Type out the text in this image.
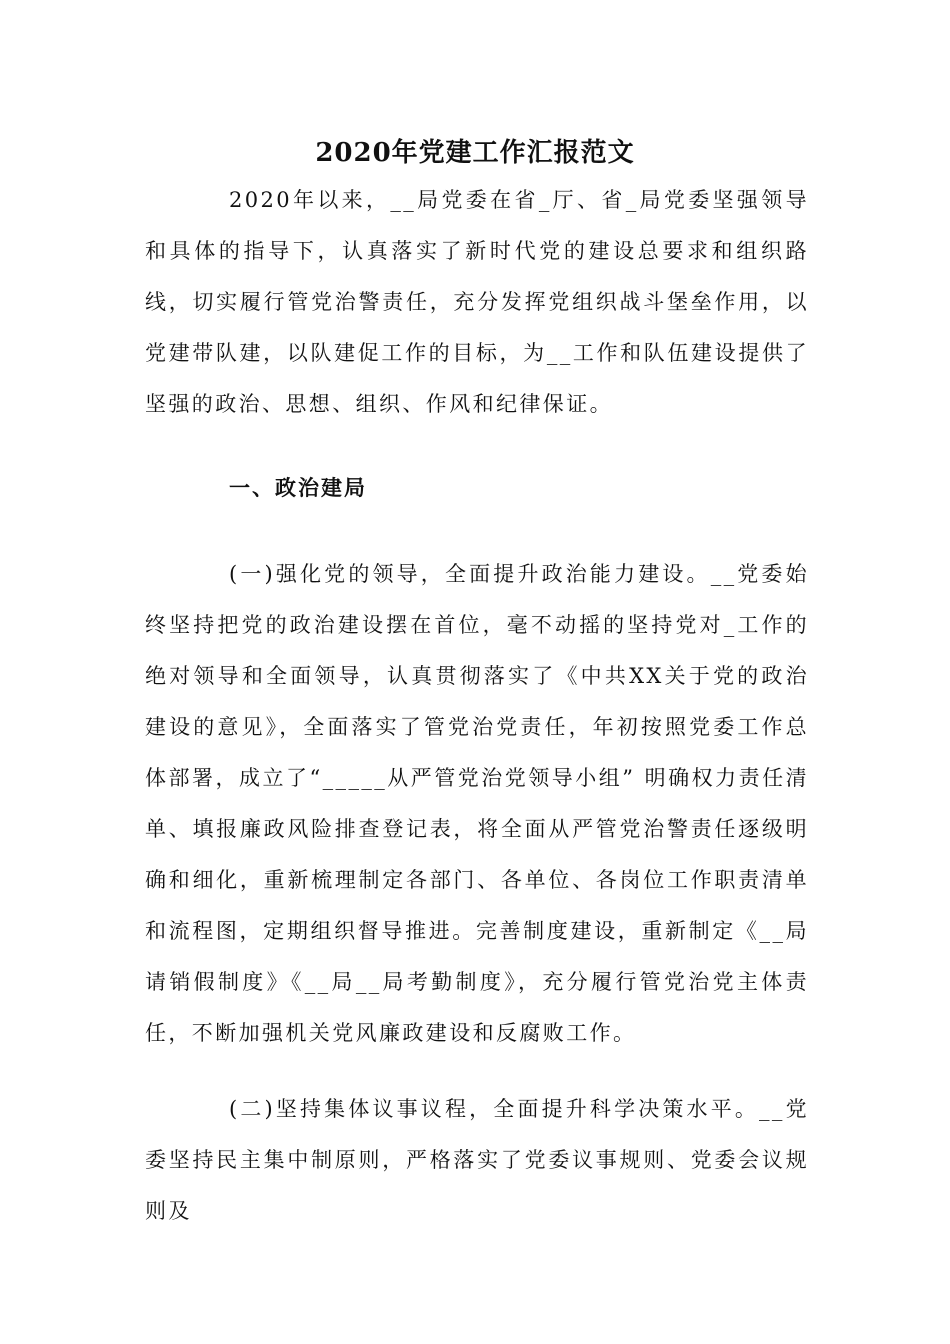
2020年党建工作汇报范文

2020年以来，__局党委在省_厅、省_局党委坚强领导和具体的指导下，认真落实了新时代党的建设总要求和组织路线，切实履行管党治警责任，充分发挥党组织战斗堡垒作用，以党建带队建，以队建促工作的目标，为__工作和队伍建设提供了坚强的政治、思想、组织、作风和纪律保证。

一、政治建局

(一)强化党的领导，全面提升政治能力建设。__党委始终坚持把党的政治建设摆在首位，毫不动摇的坚持党对_工作的绝对领导和全面领导，认真贯彻落实了《中共XX关于党的政治建设的意见》，全面落实了管党治党责任，年初按照党委工作总体部署，成立了“_____从严管党治党领导小组” 明确权力责任清单、填报廉政风险排查登记表，将全面从严管党治警责任逐级明确和细化，重新梳理制定各部门、各单位、各岗位工作职责清单和流程图，定期组织督导推进。完善制度建设，重新制定《__局请销假制度》《__局__局考勤制度》，充分履行管党治党主体责任，不断加强机关党风廉政建设和反腐败工作。

(二)坚持集体议事议程，全面提升科学决策水平。__党委坚持民主集中制原则，严格落实了党委议事规则、党委会议规则及
